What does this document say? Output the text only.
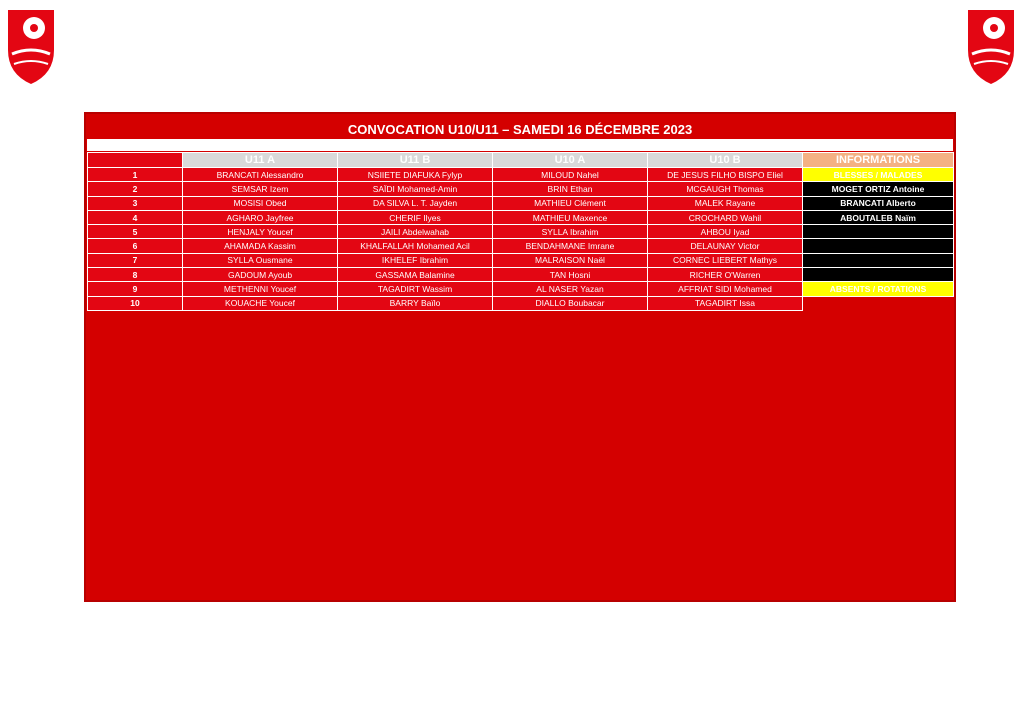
CONVOCATION U10/U11 – SAMEDI 16 DÉCEMBRE 2023
	U11 A	U11 B	U10 A	U10 B	INFORMATIONS
1	BRANCATI Alessandro	NSIIETE DIAFUKA Fylyp	MILOUD Nahel	DE JESUS FILHO BISPO Eliel	BLESSES / MALADES
2	SEMSAR Izem	SAÏDI Mohamed-Amin	BRIN Ethan	MCGAUGH Thomas	MOGET ORTIZ Antoine
3	MOSISI Obed	DA SILVA L. T. Jayden	MATHIEU Clément	MALEK Rayane	BRANCATI Alberto
4	AGHARO Jayfree	CHERIF Ilyes	MATHIEU Maxence	CROCHARD Wahil	ABOUTALEB Naïm
5	HENJALY Youcef	JAILI Abdelwahab	SYLLA Ibrahim	AHBOU Iyad	
6	AHAMADA Kassim	KHALFALLAH Mohamed Acil	BENDAHMANE Imrane	DELAUNAY Victor	
7	SYLLA Ousmane	IKHELEF Ibrahim	MALRAISON Naël	CORNEC LIEBERT Mathys	
8	GADOUM Ayoub	GASSAMA Balamine	TAN Hosni	RICHER O'Warren	
9	METHENNI Youcef	TAGADIRT Wassim	AL NASER Yazan	AFFRIAT SIDI Mohamed	ABSENTS / ROTATIONS
10	KOUACHE Youcef	BARRY Baïlo	DIALLO Boubacar	TAGADIRT Issa	
